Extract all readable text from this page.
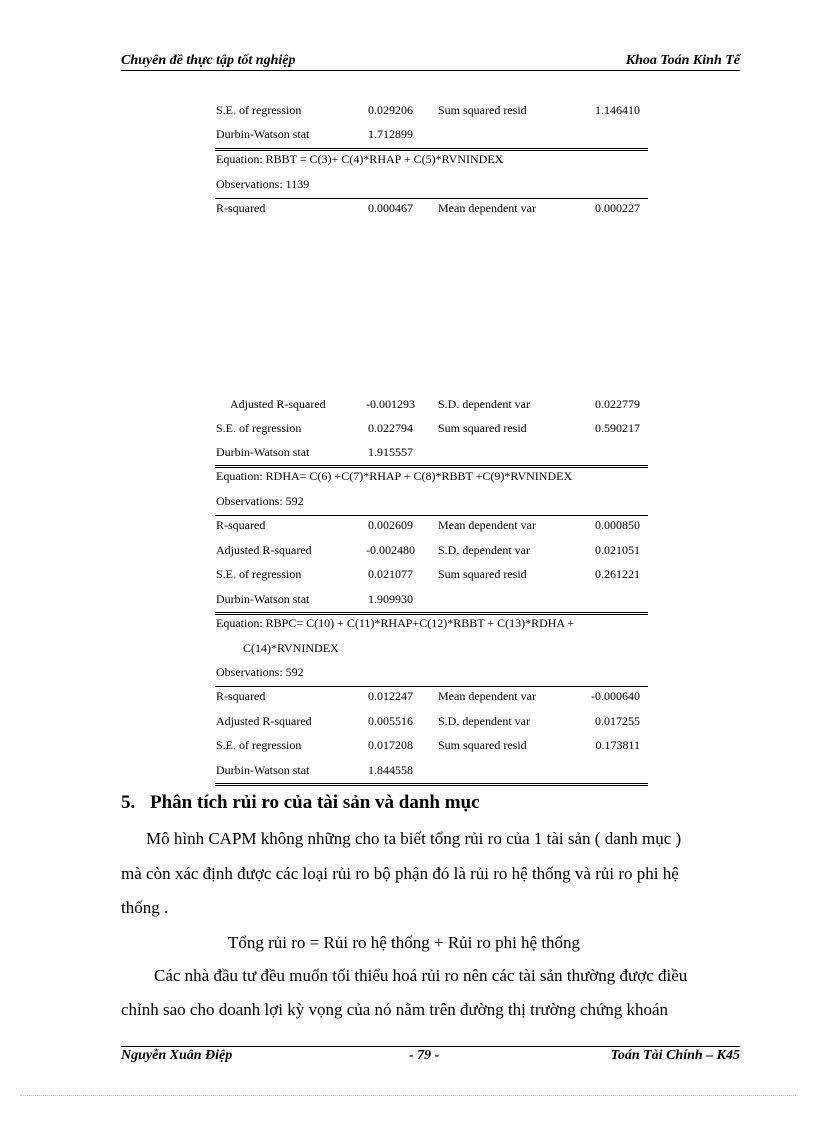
Chuyên đề thực tập tốt nghiệp	Khoa Toán Kinh Tế
S.E. of regression	0.029206 Sum squared resid	1.146410
Durbin-Watson stat	1.712899
Equation: RBBT = C(3)+ C(4)*RHAP + C(5)*RVNINDEX
Observations: 1139
R-squared	0.000467 Mean dependent var	0.000227
Adjusted R-squared	-0.001293 S.D. dependent var	0.022779
S.E. of regression	0.022794 Sum squared resid	0.590217
Durbin-Watson stat	1.915557
Equation: RDHA= C(6) +C(7)*RHAP + C(8)*RBBT +C(9)*RVNINDEX
Observations: 592
R-squared	0.002609 Mean dependent var	0.000850
Adjusted R-squared	-0.002480 S.D. dependent var	0.021051
S.E. of regression	0.021077 Sum squared resid	0.261221
Durbin-Watson stat	1.909930
Equation: RBPC= C(10) + C(11)*RHAP+C(12)*RBBT + C(13)*RDHA +
C(14)*RVNINDEX
Observations: 592
R-squared	0.012247 Mean dependent var	-0.000640
Adjusted R-squared	0.005516 S.D. dependent var	0.017255
S.E. of regression	0.017208 Sum squared resid	0.173811
Durbin-Watson stat	1.844558
5. Phân tích rủi ro của tài sản và danh mục
Mô hình CAPM không những cho ta biết tổng rủi ro của 1 tài sản ( danh mục )
mà còn xác định được các loại rủi ro bộ phận đó là rủi ro hệ thống và rủi ro phi hệ
thống .
Tổng rủi ro = Rủi ro hệ thống + Rủi ro phi hệ thống
Các nhà đầu tư đều muốn tối thiểu hoá rủi ro nên các tài sản thường được điều
chỉnh sao cho doanh lợi kỳ vọng của nó nằm trên đường thị trường chứng khoán
Nguyễn Xuân Điệp	- 79 -	Toán Tài Chính – K45
